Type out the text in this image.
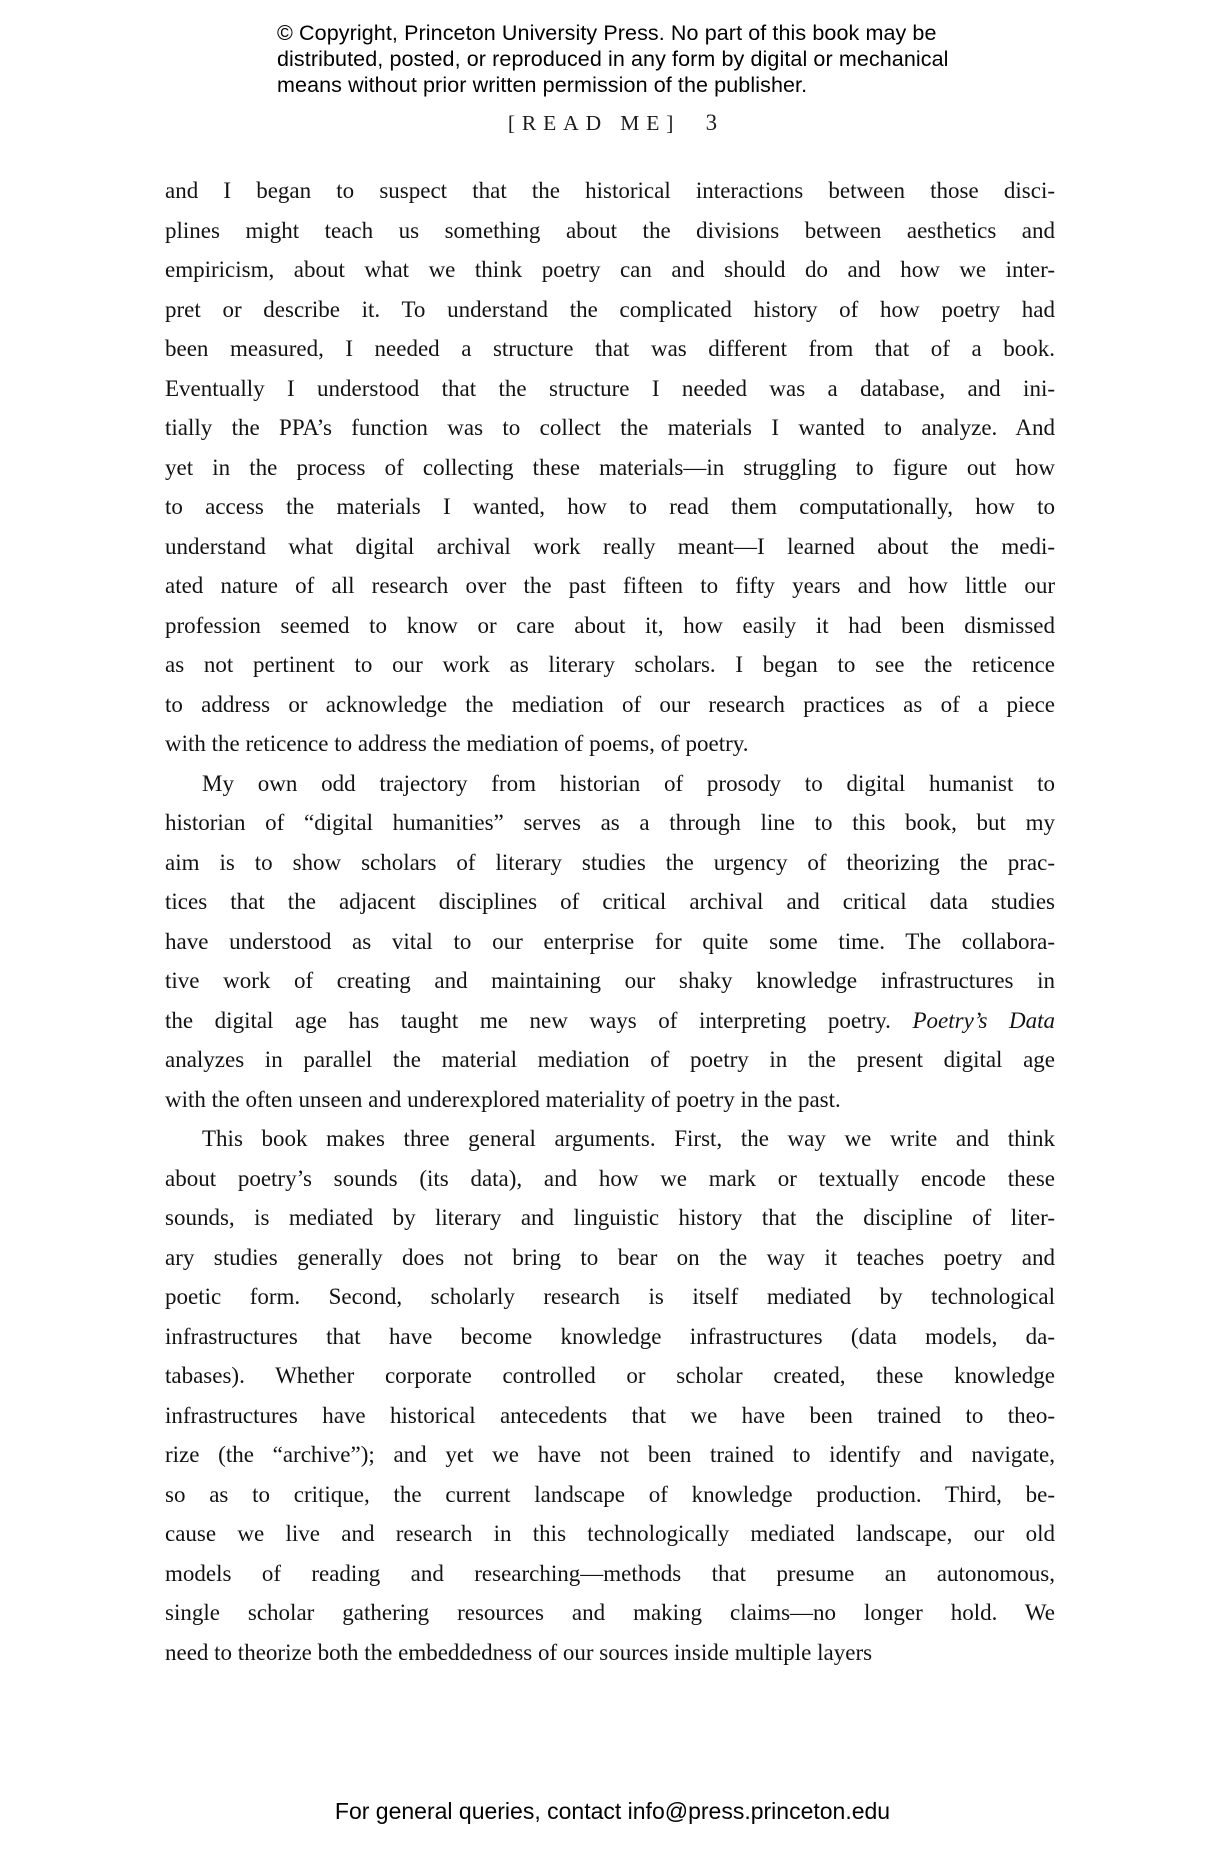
© Copyright, Princeton University Press. No part of this book may be
distributed, posted, or reproduced in any form by digital or mechanical
means without prior written permission of the publisher.
[READ ME] 3
and I began to suspect that the historical interactions between those disci-
plines might teach us something about the divisions between aesthetics and
empiricism, about what we think poetry can and should do and how we inter-
pret or describe it. To understand the complicated history of how poetry had
been measured, I needed a structure that was different from that of a book.
Eventually I understood that the structure I needed was a database, and ini-
tially the PPA’s function was to collect the materials I wanted to analyze. And
yet in the process of collecting these materials—in struggling to figure out how
to access the materials I wanted, how to read them computationally, how to
understand what digital archival work really meant—I learned about the medi-
ated nature of all research over the past fifteen to fifty years and how little our
profession seemed to know or care about it, how easily it had been dismissed
as not pertinent to our work as literary scholars. I began to see the reticence
to address or acknowledge the mediation of our research practices as of a piece
with the reticence to address the mediation of poems, of poetry.
My own odd trajectory from historian of prosody to digital humanist to
historian of “digital humanities” serves as a through line to this book, but my
aim is to show scholars of literary studies the urgency of theorizing the prac-
tices that the adjacent disciplines of critical archival and critical data studies
have understood as vital to our enterprise for quite some time. The collabora-
tive work of creating and maintaining our shaky knowledge infrastructures in
the digital age has taught me new ways of interpreting poetry. Poetry’s Data
analyzes in parallel the material mediation of poetry in the present digital age
with the often unseen and underexplored materiality of poetry in the past.
This book makes three general arguments. First, the way we write and think
about poetry’s sounds (its data), and how we mark or textually encode these
sounds, is mediated by literary and linguistic history that the discipline of liter-
ary studies generally does not bring to bear on the way it teaches poetry and
poetic form. Second, scholarly research is itself mediated by technological
infrastructures that have become knowledge infrastructures (data models, da-
tabases). Whether corporate controlled or scholar created, these knowledge
infrastructures have historical antecedents that we have been trained to theo-
rize (the “archive”); and yet we have not been trained to identify and navigate,
so as to critique, the current landscape of knowledge production. Third, be-
cause we live and research in this technologically mediated landscape, our old
models of reading and researching—methods that presume an autonomous,
single scholar gathering resources and making claims—no longer hold. We
need to theorize both the embeddedness of our sources inside multiple layers
For general queries, contact info@press.princeton.edu
